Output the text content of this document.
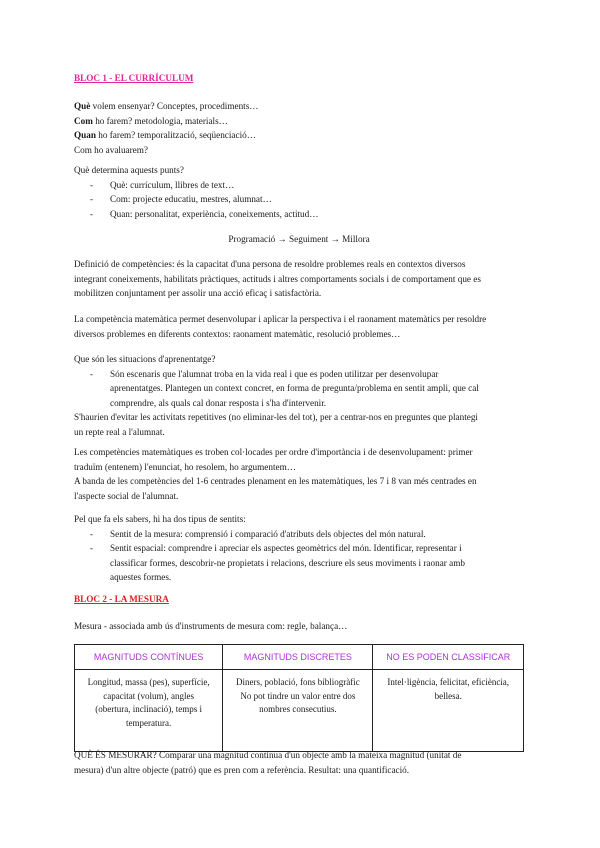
BLOC 1 - EL CURRÍCULUM
Què volem ensenyar? Conceptes, procediments…
Com ho farem? metodologia, materials…
Quan ho farem? temporalització, seqüenciació…
Com ho avaluarem?
Què determina aquests punts?
- Què: currículum, llibres de text…
- Com: projecte educatiu, mestres, alumnat…
- Quan: personalitat, experiència, coneixements, actitud…
Programació → Seguiment → Millora
Definició de competències: és la capacitat d'una persona de resoldre problemes reals en contextos diversos
integrant coneixements, habilitats pràctiques, actituds i altres comportaments socials i de comportament que es
mobilitzen conjuntament per assolir una acció eficaç i satisfactòria.
La competència matemàtica permet desenvolupar i aplicar la perspectiva i el raonament matemàtics per resoldre
diversos problemes en diferents contextos: raonament matemàtic, resolució problemes…
Que són les situacions d'aprenentatge?
- Són escenaris que l'alumnat troba en la vida real i que es poden utilitzar per desenvolupar
aprenentatges. Plantegen un context concret, en forma de pregunta/problema en sentit ampli, que cal
comprendre, als quals cal donar resposta i s'ha d'intervenir.
S'haurien d'evitar les activitats repetitives (no eliminar-les del tot), per a centrar-nos en preguntes que plantegi
un repte real a l'alumnat.
Les competències matemàtiques es troben col·locades per ordre d'importància i de desenvolupament: primer
traduïm (entenem) l'enunciat, ho resolem, ho argumentem…
A banda de les competències del 1-6 centrades plenament en les matemàtiques, les 7 i 8 van més centrades en
l'aspecte social de l'alumnat.
Pel que fa els sabers, hi ha dos tipus de sentits:
- Sentit de la mesura: comprensió i comparació d'atributs dels objectes del món natural.
- Sentit espacial: comprendre i apreciar els aspectes geomètrics del món. Identificar, representar i
classificar formes, descobrir-ne propietats i relacions, descriure els seus moviments i raonar amb
aquestes formes.
BLOC 2 - LA MESURA
Mesura - associada amb ús d'instruments de mesura com: regle, balança…
MAGNITUDS CONTÍNUES	MAGNITUDS DISCRETES	NO ES PODEN CLASSIFICAR

Longitud, massa (pes), superfície,
capacitat (volum), angles
(obertura, inclinació), temps i
temperatura.	Diners, població, fons bibliogràfic
No pot tindre un valor entre dos
nombres consecutius.	Intel·ligència, felicitat, eficiència,
bellesa.
QUÈ ÉS MESURAR? Comparar una magnitud contínua d'un objecte amb la mateixa magnitud (unitat de
mesura) d'un altre objecte (patró) que es pren com a referència. Resultat: una quantificació.
